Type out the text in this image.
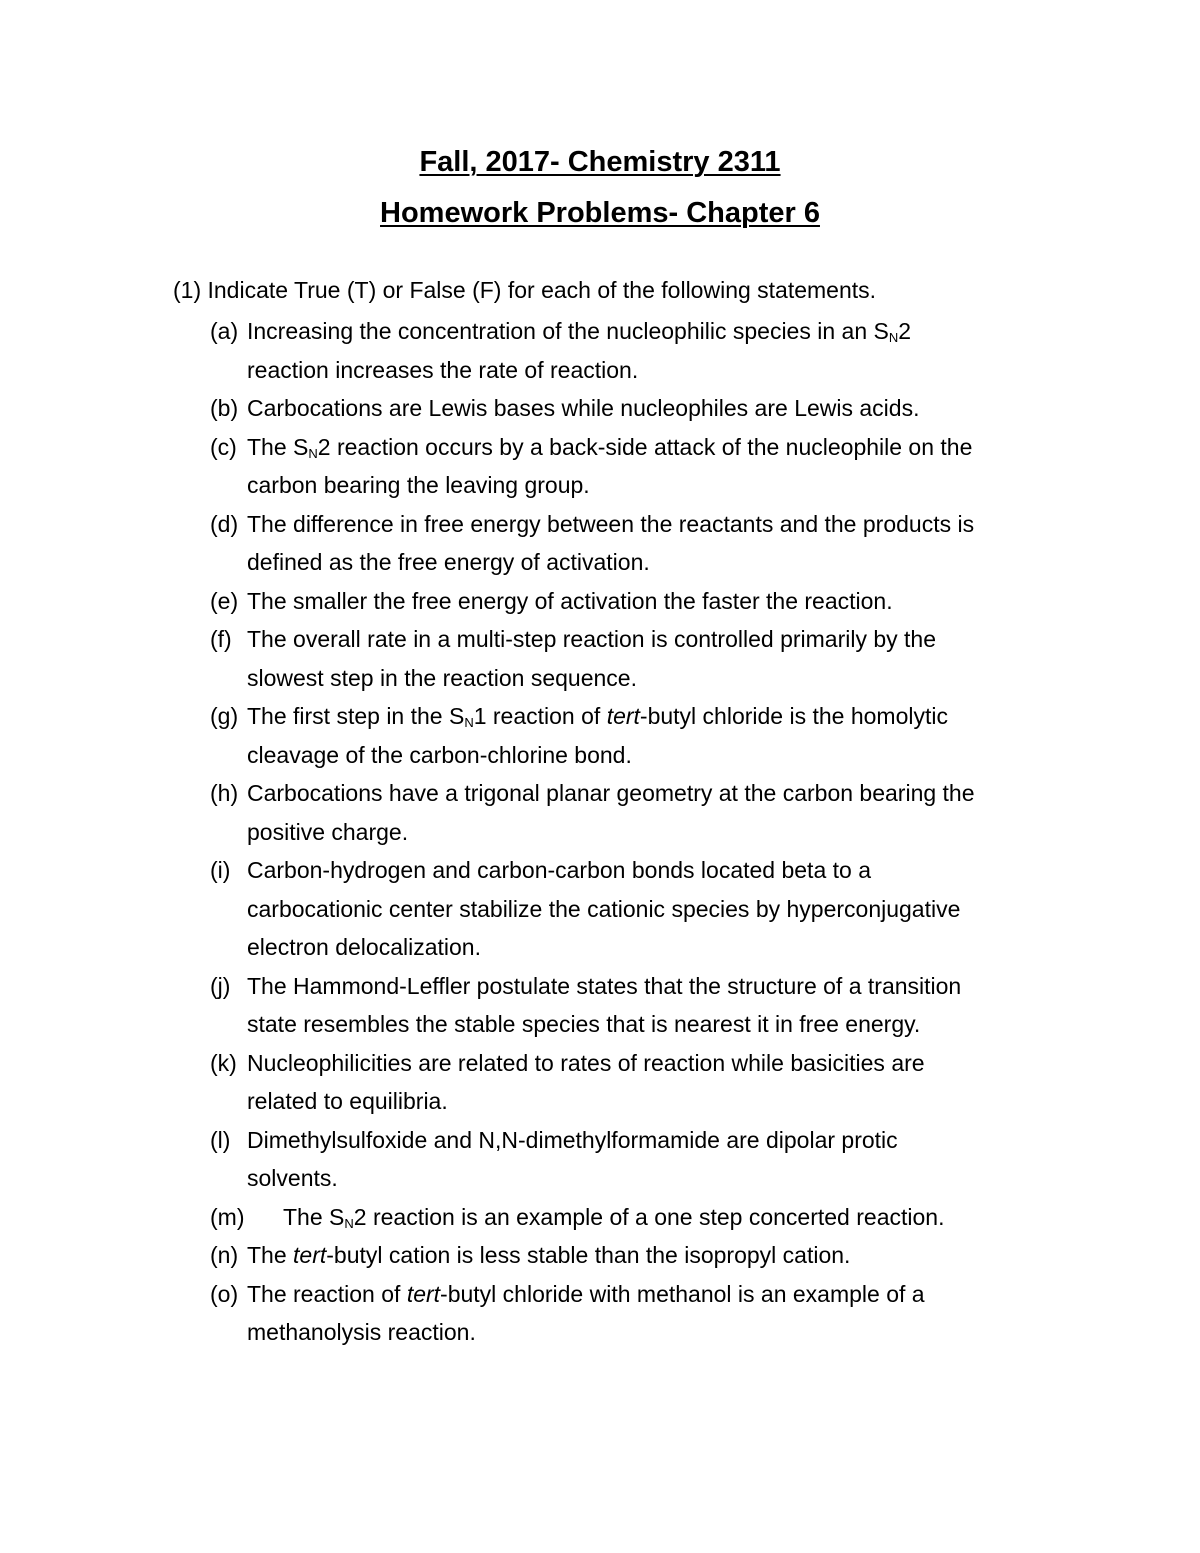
Fall, 2017- Chemistry 2311
Homework Problems- Chapter 6
(1) Indicate True (T) or False (F) for each of the following statements.
(a) Increasing the concentration of the nucleophilic species in an $S_N2$
reaction increases the rate of reaction.
(b) Carbocations are Lewis bases while nucleophiles are Lewis acids.
(c) The $S_N2$ reaction occurs by a back-side attack of the nucleophile on the
carbon bearing the leaving group.
(d) The difference in free energy between the reactants and the products is
defined as the free energy of activation.
(e) The smaller the free energy of activation the faster the reaction.
(f) The overall rate in a multi-step reaction is controlled primarily by the
slowest step in the reaction sequence.
(g) The first step in the $S_N1$ reaction of tert-butyl chloride is the homolytic
cleavage of the carbon-chlorine bond.
(h) Carbocations have a trigonal planar geometry at the carbon bearing the
positive charge.
(i) Carbon-hydrogen and carbon-carbon bonds located beta to a
carbocationic center stabilize the cationic species by hyperconjugative
electron delocalization.
(j) The Hammond-Leffler postulate states that the structure of a transition
state resembles the stable species that is nearest it in free energy.
(k) Nucleophilicities are related to rates of reaction while basicities are
related to equilibria.
(l) Dimethylsulfoxide and N,N-dimethylformamide are dipolar protic
solvents.
(m) The $S_N2$ reaction is an example of a one step concerted reaction.
(n) The tert-butyl cation is less stable than the isopropyl cation.
(o) The reaction of tert-butyl chloride with methanol is an example of a
methanolysis reaction.
